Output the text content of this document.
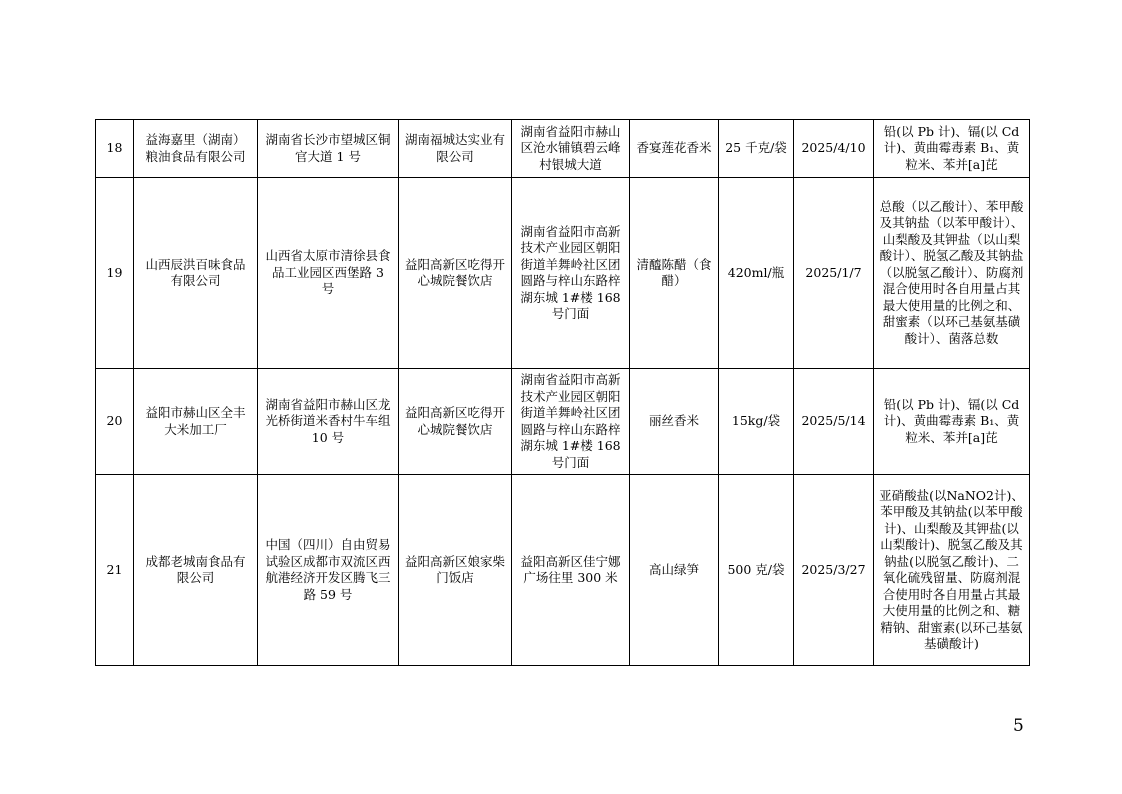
18	益海嘉里（湖南）粮油食品有限公司	湖南省长沙市望城区铜官大道 1 号	湖南福城达实业有限公司	湖南省益阳市赫山区沧水铺镇碧云峰村银城大道	香宴莲花香米	25 千克/袋	2025/4/10	铅(以 Pb 计)、镉(以 Cd 计)、黄曲霉毒素 B₁、黄粒米、苯并[a]芘
19	山西辰洪百味食品有限公司	山西省太原市清徐县食品工业园区西堡路 3 号	益阳高新区吃得开心城院餐饮店	湖南省益阳市高新技术产业园区朝阳街道羊舞岭社区团圆路与梓山东路梓湖东城 1#楼 168 号门面	清醯陈醋（食醋）	420ml/瓶	2025/1/7	总酸（以乙酸计）、苯甲酸及其钠盐（以苯甲酸计）、山梨酸及其钾盐（以山梨酸计）、脱氢乙酸及其钠盐（以脱氢乙酸计）、防腐剂混合使用时各自用量占其最大使用量的比例之和、甜蜜素（以环己基氨基磺酸计）、菌落总数
20	益阳市赫山区全丰大米加工厂	湖南省益阳市赫山区龙光桥街道米香村牛车组 10 号	益阳高新区吃得开心城院餐饮店	湖南省益阳市高新技术产业园区朝阳街道羊舞岭社区团圆路与梓山东路梓湖东城 1#楼 168 号门面	丽丝香米	15kg/袋	2025/5/14	铅(以 Pb 计)、镉(以 Cd 计)、黄曲霉毒素 B₁、黄粒米、苯并[a]芘
21	成都老城南食品有限公司	中国（四川）自由贸易试验区成都市双流区西航港经济开发区腾飞三路 59 号	益阳高新区娘家柴门饭店	益阳高新区佳宁娜广场往里 300 米	高山绿笋	500 克/袋	2025/3/27	亚硝酸盐(以NaNO2计)、苯甲酸及其钠盐(以苯甲酸计)、山梨酸及其钾盐(以山梨酸计)、脱氢乙酸及其钠盐(以脱氢乙酸计)、二氧化硫残留量、防腐剂混合使用时各自用量占其最大使用量的比例之和、糖精钠、甜蜜素(以环己基氨基磺酸计)
5
